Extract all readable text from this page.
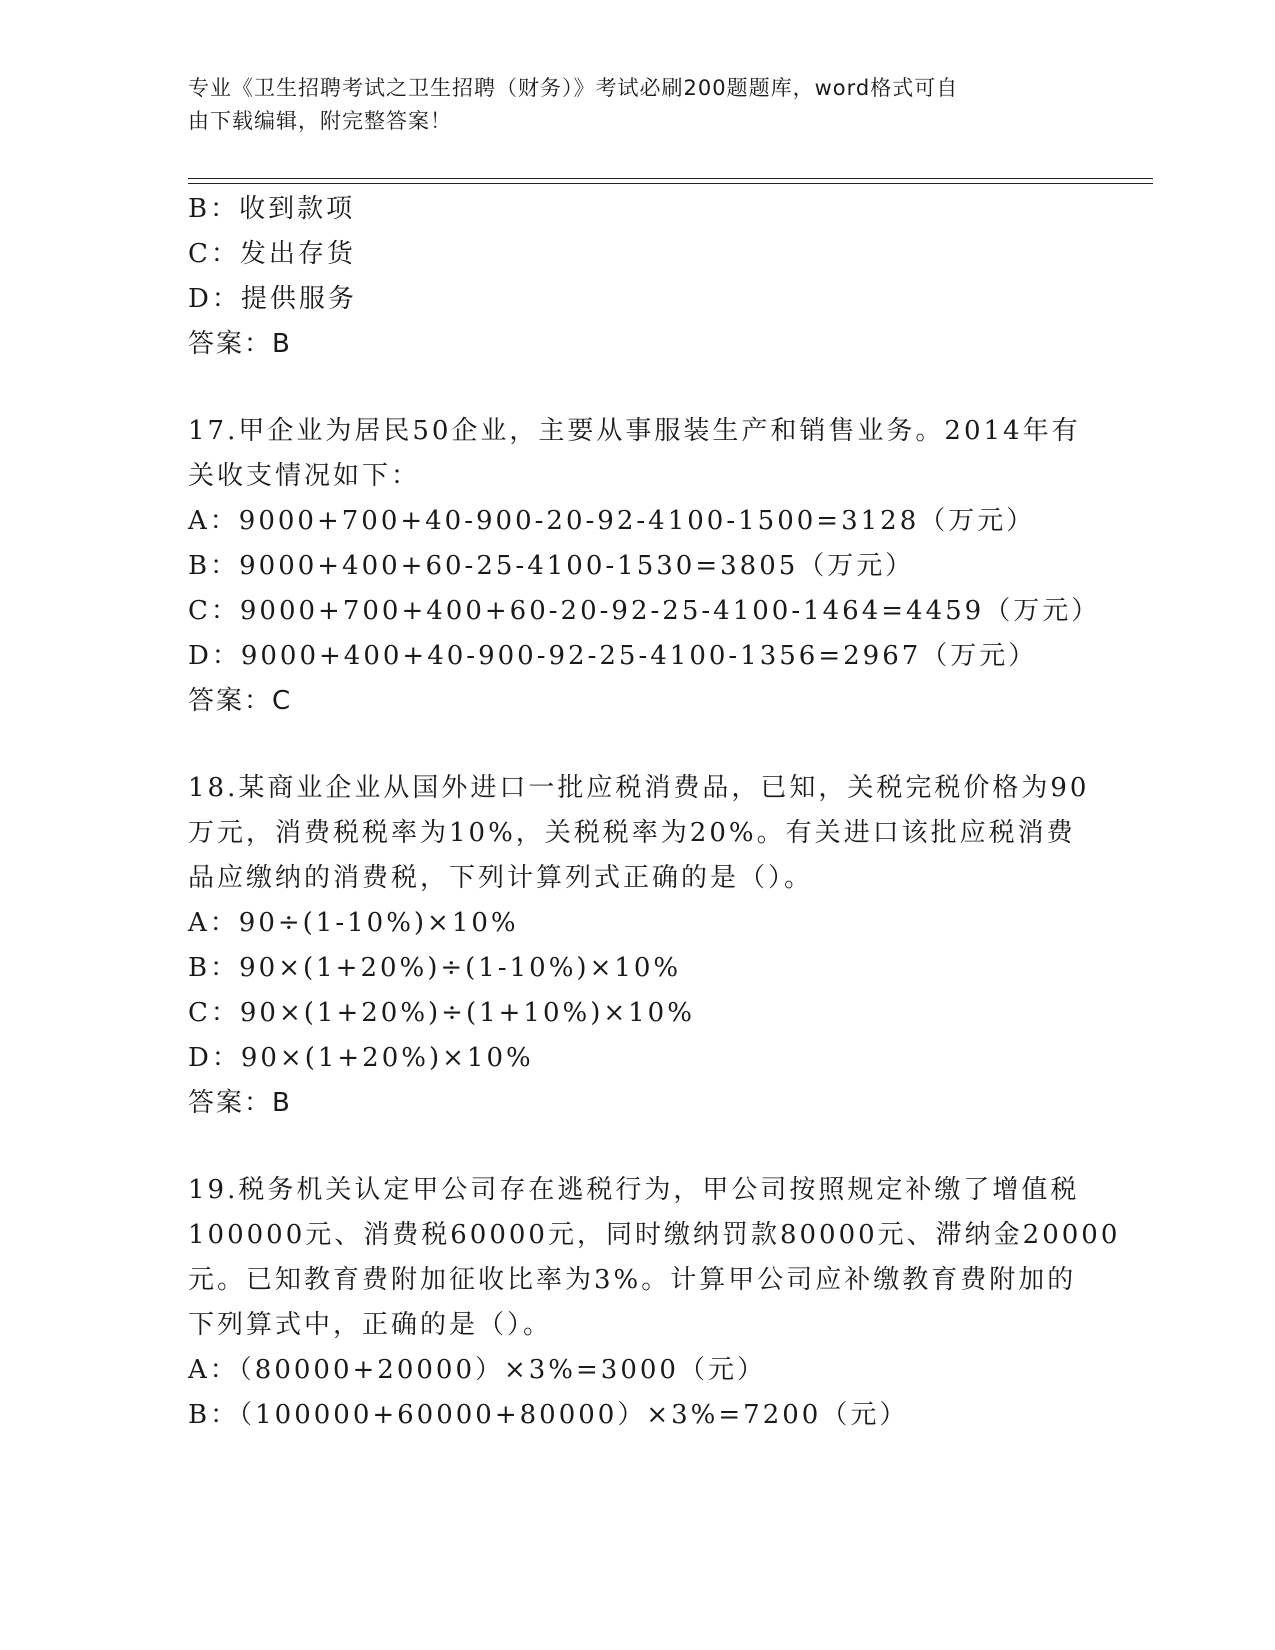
专业《卫生招聘考试之卫生招聘（财务）》考试必刷200题题库，word格式可自
由下载编辑，附完整答案！
B：收到款项
C：发出存货
D：提供服务
答案：B
17.甲企业为居民50企业，主要从事服装生产和销售业务。2014年有
关收支情况如下：
A：9000+700+40-900-20-92-4100-1500=3128（万元）
B：9000+400+60-25-4100-1530=3805（万元）
C：9000+700+400+60-20-92-25-4100-1464=4459（万元）
D：9000+400+40-900-92-25-4100-1356=2967（万元）
答案：C
18.某商业企业从国外进口一批应税消费品，已知，关税完税价格为90
万元，消费税税率为10%，关税税率为20%。有关进口该批应税消费
品应缴纳的消费税，下列计算列式正确的是（）。
A：90÷(1-10%)×10%
B：90×(1+20%)÷(1-10%)×10%
C：90×(1+20%)÷(1+10%)×10%
D：90×(1+20%)×10%
答案：B
19.税务机关认定甲公司存在逃税行为，甲公司按照规定补缴了增值税
100000元、消费税60000元，同时缴纳罚款80000元、滞纳金20000
元。已知教育费附加征收比率为3%。计算甲公司应补缴教育费附加的
下列算式中，正确的是（）。
A：（80000+20000）×3%=3000（元）
B：（100000+60000+80000）×3%=7200（元）
